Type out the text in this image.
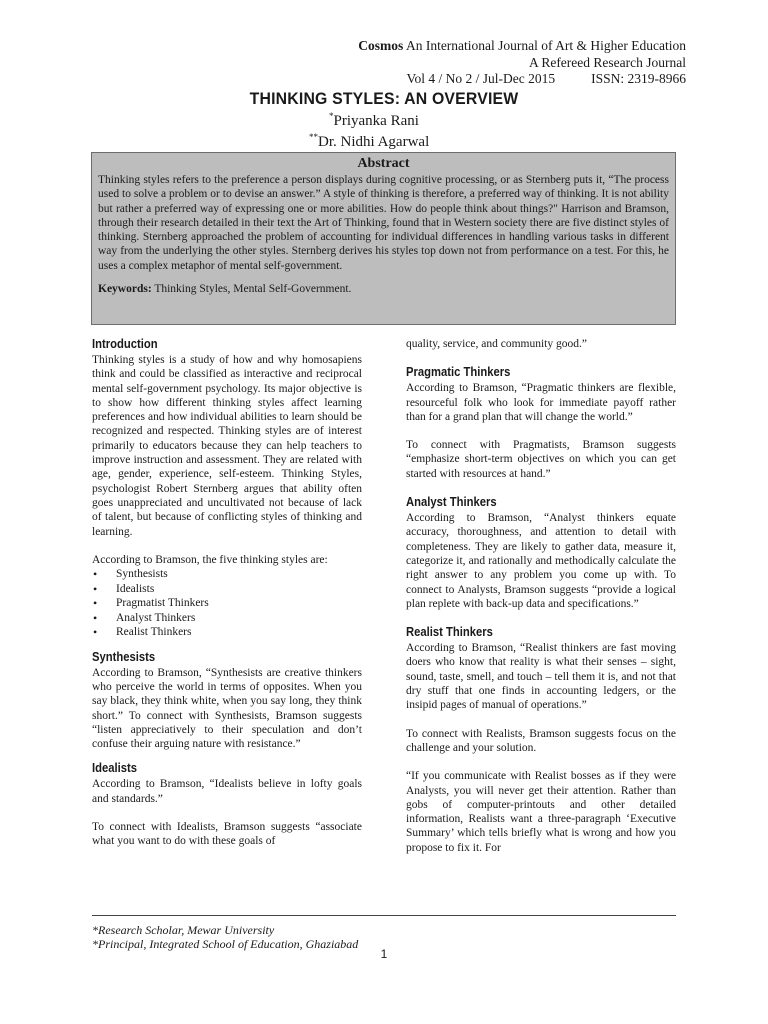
Cosmos An International Journal of Art & Higher Education
A Refereed Research Journal
Vol 4 / No 2 / Jul-Dec 2015	ISSN: 2319-8966
THINKING STYLES: AN OVERVIEW
*Priyanka Rani
**Dr. Nidhi Agarwal
Abstract

Thinking styles refers to the preference a person displays during cognitive processing, or as Sternberg puts it, “The process used to solve a problem or to devise an answer.” A style of thinking is therefore, a preferred way of thinking. It is not ability but rather a preferred way of expressing one or more abilities. How do people think about things?" Harrison and Bramson, through their research detailed in their text the Art of Thinking, found that in Western society there are five distinct styles of thinking. Sternberg approached the problem of accounting for individual differences in handling various tasks in different way from the underlying the other styles. Sternberg derives his styles top down not from performance on a test. For this, he uses a complex metaphor of mental self-government.

Keywords: Thinking Styles, Mental Self-Government.
Introduction

Thinking styles is a study of how and why homosapiens think and could be classified as interactive and reciprocal mental self-government psychology. Its major objective is to show how different thinking styles affect learning preferences and how individual abilities to learn should be recognized and respected. Thinking styles are of interest primarily to educators because they can help teachers to improve instruction and assessment. They are related with age, gender, experience, self-esteem. Thinking Styles, psychologist Robert Sternberg argues that ability often goes unappreciated and uncultivated not because of lack of talent, but because of conflicting styles of thinking and learning.

According to Bramson, the five thinking styles are:

• Synthesists
• Idealists
• Pragmatist Thinkers
• Analyst Thinkers
• Realist Thinkers
Synthesists

According to Bramson, “Synthesists are creative thinkers who perceive the world in terms of opposites. When you say black, they think white, when you say long, they think short.” To connect with Synthesists, Bramson suggests “listen appreciatively to their speculation and don’t confuse their arguing nature with resistance.”

Idealists

According to Bramson, “Idealists believe in lofty goals and standards.”

To connect with Idealists, Bramson suggests “associate what you want to do with these goals of

quality, service, and community good.”

Pragmatic Thinkers

According to Bramson, “Pragmatic thinkers are flexible, resourceful folk who look for immediate payoff rather than for a grand plan that will change the world.”

To connect with Pragmatists, Bramson suggests “emphasize short-term objectives on which you can get started with resources at hand.”

Analyst Thinkers

According to Bramson, “Analyst thinkers equate accuracy, thoroughness, and attention to detail with completeness. They are likely to gather data, measure it, categorize it, and rationally and methodically calculate the right answer to any problem you come up with. To connect to Analysts, Bramson suggests “provide a logical plan replete with back-up data and specifications.”

Realist Thinkers

According to Bramson, “Realist thinkers are fast moving doers who know that reality is what their senses – sight, sound, taste, smell, and touch – tell them it is, and not that dry stuff that one finds in accounting ledgers, or the insipid pages of manual of operations.”

To connect with Realists, Bramson suggests focus on the challenge and your solution.

“If you communicate with Realist bosses as if they were Analysts, you will never get their attention. Rather than gobs of computer-printouts and other detailed information, Realists want a three-paragraph ‘Executive Summary’ which tells briefly what is wrong and how you propose to fix it. For

*Research Scholar, Mewar University
*Principal, Integrated School of Education, Ghaziabad
1
